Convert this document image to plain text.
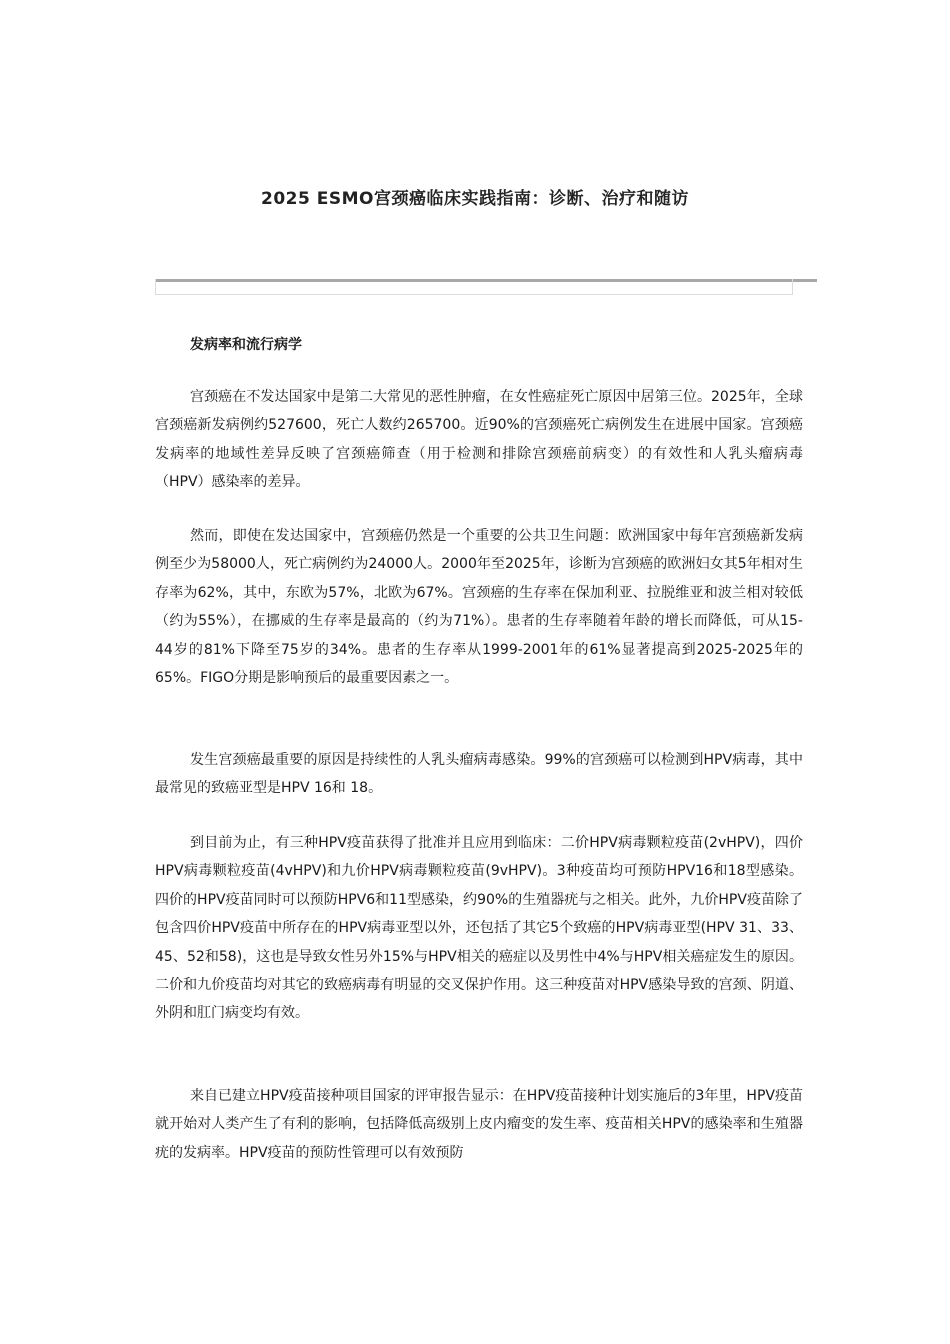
2025 ESMO宫颈癌临床实践指南：诊断、治疗和随访
发病率和流行病学

宫颈癌在不发达国家中是第二大常见的恶性肿瘤，在女性癌症死亡原因中居第三位。2025年，全球宫颈癌新发病例约527600，死亡人数约265700。近90%的宫颈癌死亡病例发生在进展中国家。宫颈癌发病率的地域性差异反映了宫颈癌筛查（用于检测和排除宫颈癌前病变）的有效性和人乳头瘤病毒（HPV）感染率的差异。

然而，即使在发达国家中，宫颈癌仍然是一个重要的公共卫生问题：欧洲国家中每年宫颈癌新发病例至少为58000人，死亡病例约为24000人。2000年至2025年，诊断为宫颈癌的欧洲妇女其5年相对生存率为62%，其中，东欧为57%，北欧为67%。宫颈癌的生存率在保加利亚、拉脱维亚和波兰相对较低（约为55%），在挪威的生存率是最高的（约为71%）。患者的生存率随着年龄的增长而降低，可从15-44岁的81%下降至75岁的34%。患者的生存率从1999-2001年的61%显著提高到2025-2025年的65%。FIGO分期是影响预后的最重要因素之一。

发生宫颈癌最重要的原因是持续性的人乳头瘤病毒感染。99%的宫颈癌可以检测到HPV病毒，其中最常见的致癌亚型是HPV 16和 18。

到目前为止，有三种HPV疫苗获得了批准并且应用到临床：二价HPV病毒颗粒疫苗(2vHPV)，四价HPV病毒颗粒疫苗(4vHPV)和九价HPV病毒颗粒疫苗(9vHPV)。3种疫苗均可预防HPV16和18型感染。四价的HPV疫苗同时可以预防HPV6和11型感染，约90%的生殖器疣与之相关。此外，九价HPV疫苗除了包含四价HPV疫苗中所存在的HPV病毒亚型以外，还包括了其它5个致癌的HPV病毒亚型(HPV 31、33、45、52和58)，这也是导致女性另外15%与HPV相关的癌症以及男性中4%与HPV相关癌症发生的原因。二价和九价疫苗均对其它的致癌病毒有明显的交叉保护作用。这三种疫苗对HPV感染导致的宫颈、阴道、外阴和肛门病变均有效。

来自已建立HPV疫苗接种项目国家的评审报告显示：在HPV疫苗接种计划实施后的3年里，HPV疫苗就开始对人类产生了有利的影响，包括降低高级别上皮内瘤变的发生率、疫苗相关HPV的感染率和生殖器疣的发病率。HPV疫苗的预防性管理可以有效预防
